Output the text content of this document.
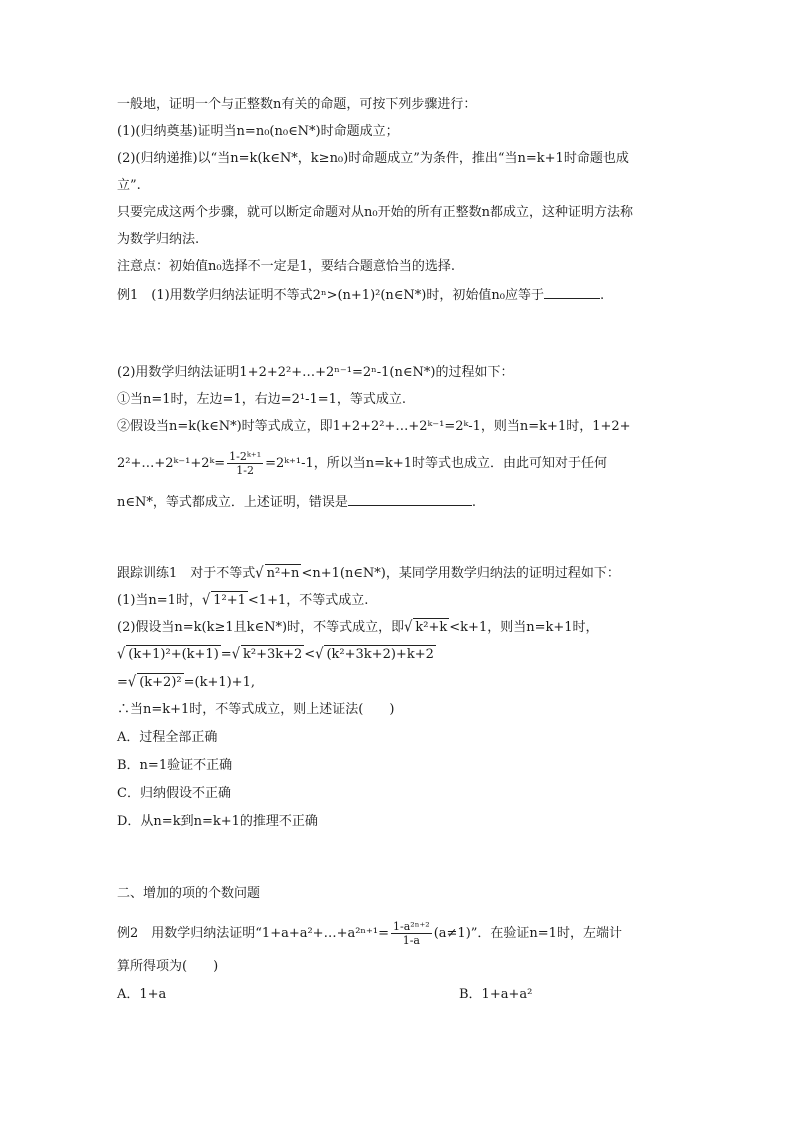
一般地，证明一个与正整数n有关的命题，可按下列步骤进行：
(1)(归纳奠基)证明当n=n₀(n₀∈N*)时命题成立；
(2)(归纳递推)以“当n=k(k∈N*，k≥n₀)时命题成立”为条件，推出“当n=k+1时命题也成
立”.
只要完成这两个步骤，就可以断定命题对从n₀开始的所有正整数n都成立，这种证明方法称
为数学归纳法.
注意点：初始值n₀选择不一定是1，要结合题意恰当的选择.
例1　(1)用数学归纳法证明不等式2ⁿ>(n+1)²(n∈N*)时，初始值n₀应等于	.
(2)用数学归纳法证明1+2+2²+…+2ⁿ⁻¹=2ⁿ-1(n∈N*)的过程如下：
①当n=1时，左边=1，右边=2¹-1=1，等式成立.
②假设当n=k(k∈N*)时等式成立，即1+2+2²+…+2ᵏ⁻¹=2ᵏ-1，则当n=k+1时，1+2+
2²+…+2ᵏ⁻¹+2ᵏ= $\frac{\text{1-2ᵏ⁺¹}}{1-2}$ =2ᵏ⁺¹-1，所以当n=k+1时等式也成立．由此可知对于任何
n∈N*，等式都成立．上述证明，错误是	.
跟踪训练1　对于不等式√ n²+n <n+1(n∈N*)，某同学用数学归纳法的证明过程如下：
(1)当n=1时，√ 1²+1 <1+1，不等式成立.
(2)假设当n=k(k≥1且k∈N*)时，不等式成立，即√ k²+k <k+1，则当n=k+1时，
√ (k+1)²+(k+1) =√ k²+3k+2 <√ (k²+3k+2)+k+2
=√ (k+2)² =(k+1)+1,
∴当n=k+1时，不等式成立，则上述证法(　　)
A．过程全部正确
B．n=1验证不正确
C．归纳假设不正确
D．从n=k到n=k+1的推理不正确
二、增加的项的个数问题
例2　用数学归纳法证明“1+a+a²+…+a²ⁿ⁺¹= $\frac{\text{1-a²ⁿ⁺²}}{1-a} (a\ne 1)$”．在验证n=1时，左端计
算所得项为(　　)
A．1+a	B．1+a+a²
